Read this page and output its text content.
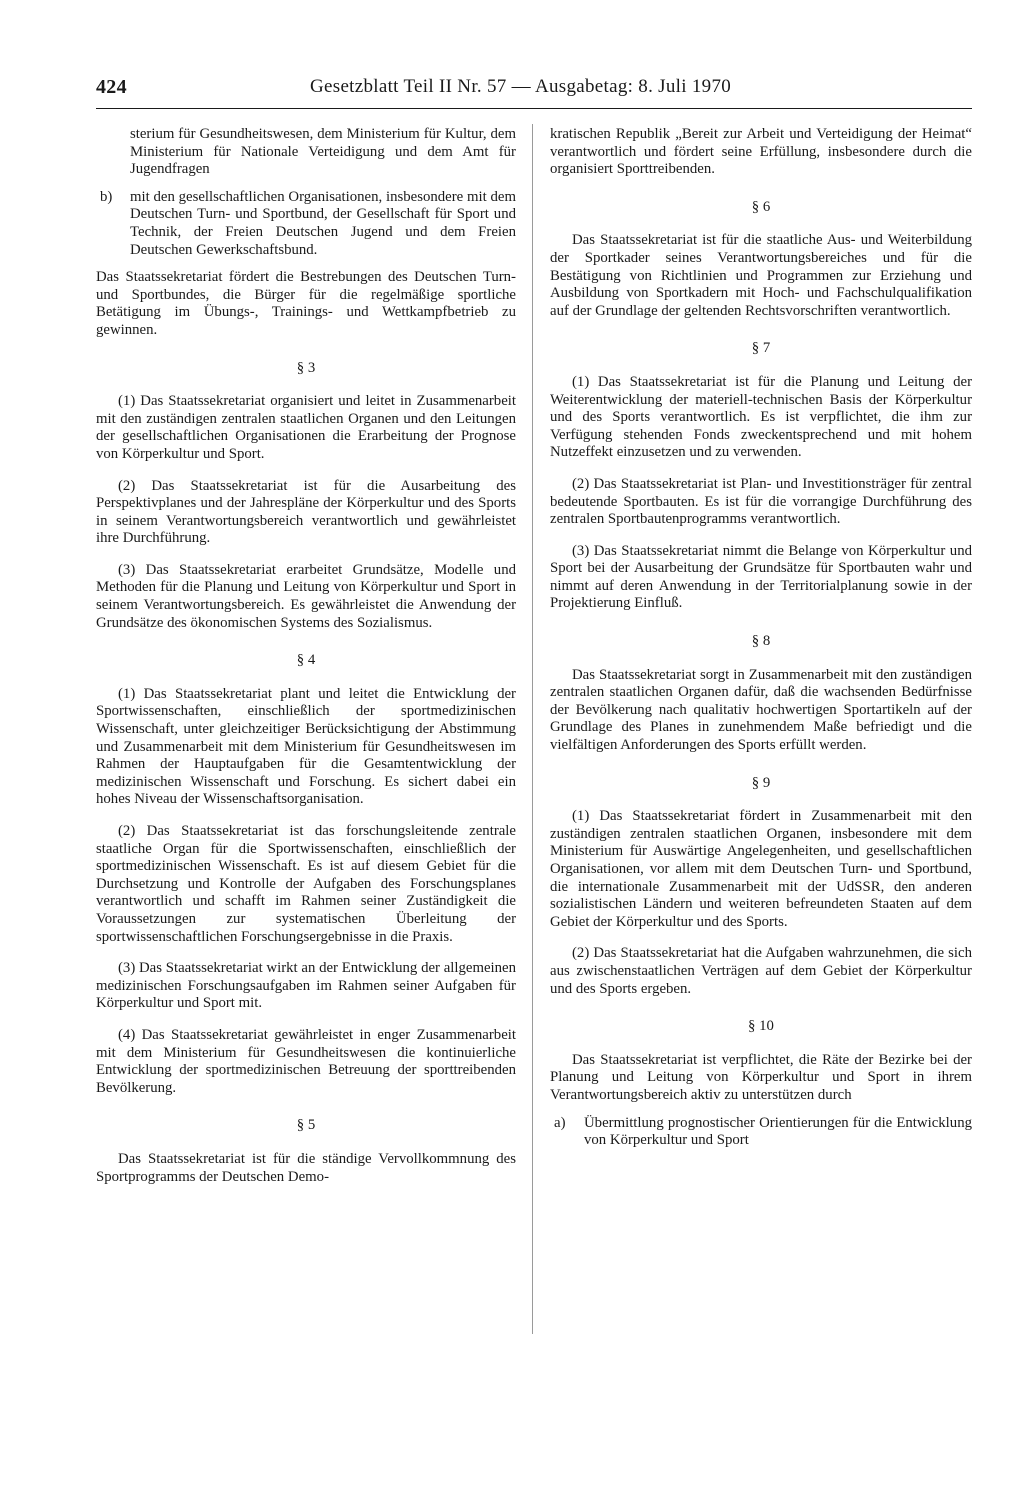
424	Gesetzblatt Teil II Nr. 57 — Ausgabetag: 8. Juli 1970

sterium für Gesundheitswesen, dem Ministerium für Kultur, dem Ministerium für Nationale Verteidigung und dem Amt für Jugendfragen

b)	mit den gesellschaftlichen Organisationen, insbesondere mit dem Deutschen Turn- und Sportbund, der Gesellschaft für Sport und Technik, der Freien Deutschen Jugend und dem Freien Deutschen Gewerkschaftsbund.

Das Staatssekretariat fördert die Bestrebungen des Deutschen Turn- und Sportbundes, die Bürger für die regelmäßige sportliche Betätigung im Übungs-, Trainings- und Wettkampfbetrieb zu gewinnen.

§ 3

(1) Das Staatssekretariat organisiert und leitet in Zusammenarbeit mit den zuständigen zentralen staatlichen Organen und den Leitungen der gesellschaftlichen Organisationen die Erarbeitung der Prognose von Körperkultur und Sport.

(2) Das Staatssekretariat ist für die Ausarbeitung des Perspektivplanes und der Jahrespläne der Körperkultur und des Sports in seinem Verantwortungsbereich verantwortlich und gewährleistet ihre Durchführung.

(3) Das Staatssekretariat erarbeitet Grundsätze, Modelle und Methoden für die Planung und Leitung von Körperkultur und Sport in seinem Verantwortungsbereich. Es gewährleistet die Anwendung der Grundsätze des ökonomischen Systems des Sozialismus.

§ 4

(1) Das Staatssekretariat plant und leitet die Entwicklung der Sportwissenschaften, einschließlich der sportmedizinischen Wissenschaft, unter gleichzeitiger Berücksichtigung der Abstimmung und Zusammenarbeit mit dem Ministerium für Gesundheitswesen im Rahmen der Hauptaufgaben für die Gesamtentwicklung der medizinischen Wissenschaft und Forschung. Es sichert dabei ein hohes Niveau der Wissenschaftsorganisation.

(2) Das Staatssekretariat ist das forschungsleitende zentrale staatliche Organ für die Sportwissenschaften, einschließlich der sportmedizinischen Wissenschaft. Es ist auf diesem Gebiet für die Durchsetzung und Kontrolle der Aufgaben des Forschungsplanes verantwortlich und schafft im Rahmen seiner Zuständigkeit die Voraussetzungen zur systematischen Überleitung der sportwissenschaftlichen Forschungsergebnisse in die Praxis.

(3) Das Staatssekretariat wirkt an der Entwicklung der allgemeinen medizinischen Forschungsaufgaben im Rahmen seiner Aufgaben für Körperkultur und Sport mit.

(4) Das Staatssekretariat gewährleistet in enger Zusammenarbeit mit dem Ministerium für Gesundheitswesen die kontinuierliche Entwicklung der sportmedizinischen Betreuung der sporttreibenden Bevölkerung.

§ 5

Das Staatssekretariat ist für die ständige Vervollkommnung des Sportprogramms der Deutschen Demo-

kratischen Republik „Bereit zur Arbeit und Verteidigung der Heimat“ verantwortlich und fördert seine Erfüllung, insbesondere durch die organisiert Sporttreibenden.

§ 6

Das Staatssekretariat ist für die staatliche Aus- und Weiterbildung der Sportkader seines Verantwortungsbereiches und für die Bestätigung von Richtlinien und Programmen zur Erziehung und Ausbildung von Sportkadern mit Hoch- und Fachschulqualifikation auf der Grundlage der geltenden Rechtsvorschriften verantwortlich.

§ 7

(1) Das Staatssekretariat ist für die Planung und Leitung der Weiterentwicklung der materiell-technischen Basis der Körperkultur und des Sports verantwortlich. Es ist verpflichtet, die ihm zur Verfügung stehenden Fonds zweckentsprechend und mit hohem Nutzeffekt einzusetzen und zu verwenden.

(2) Das Staatssekretariat ist Plan- und Investitionsträger für zentral bedeutende Sportbauten. Es ist für die vorrangige Durchführung des zentralen Sportbautenprogramms verantwortlich.

(3) Das Staatssekretariat nimmt die Belange von Körperkultur und Sport bei der Ausarbeitung der Grundsätze für Sportbauten wahr und nimmt auf deren Anwendung in der Territorialplanung sowie in der Projektierung Einfluß.

§ 8

Das Staatssekretariat sorgt in Zusammenarbeit mit den zuständigen zentralen staatlichen Organen dafür, daß die wachsenden Bedürfnisse der Bevölkerung nach qualitativ hochwertigen Sportartikeln auf der Grundlage des Planes in zunehmendem Maße befriedigt und die vielfältigen Anforderungen des Sports erfüllt werden.

§ 9

(1) Das Staatssekretariat fördert in Zusammenarbeit mit den zuständigen zentralen staatlichen Organen, insbesondere mit dem Ministerium für Auswärtige Angelegenheiten, und gesellschaftlichen Organisationen, vor allem mit dem Deutschen Turn- und Sportbund, die internationale Zusammenarbeit mit der UdSSR, den anderen sozialistischen Ländern und weiteren befreundeten Staaten auf dem Gebiet der Körperkultur und des Sports.

(2) Das Staatssekretariat hat die Aufgaben wahrzunehmen, die sich aus zwischenstaatlichen Verträgen auf dem Gebiet der Körperkultur und des Sports ergeben.

§ 10

Das Staatssekretariat ist verpflichtet, die Räte der Bezirke bei der Planung und Leitung von Körperkultur und Sport in ihrem Verantwortungsbereich aktiv zu unterstützen durch

a)	Übermittlung prognostischer Orientierungen für die Entwicklung von Körperkultur und Sport
